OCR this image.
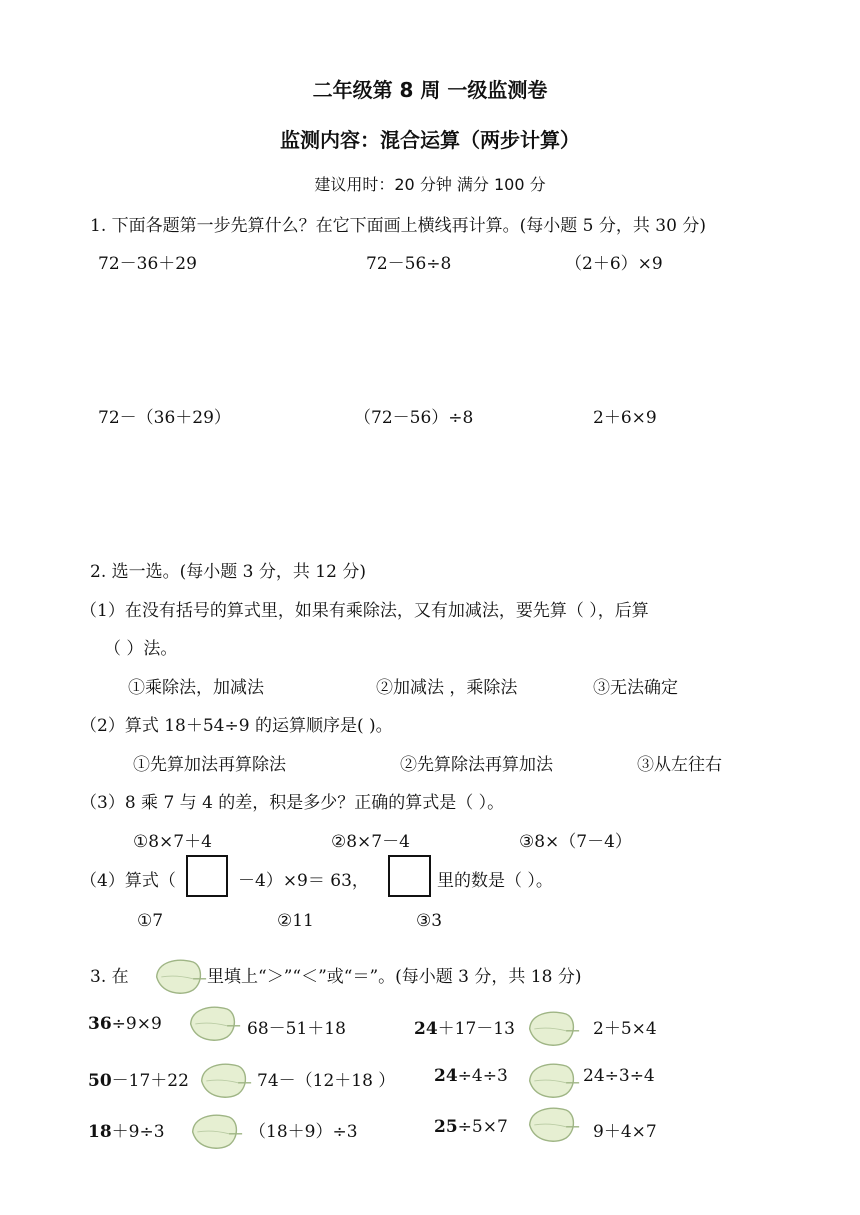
二年级第 8 周 一级监测卷
监测内容：混合运算（两步计算）
建议用时：20 分钟 满分 100 分
1. 下面各题第一步先算什么？在它下面画上横线再计算。(每小题 5 分，共 30 分)
72－36＋29	72－56÷8	（2＋6）×9
72－（36＋29）	（72－56）÷8	2＋6×9
2. 选一选。(每小题 3 分，共 12 分)
（1）在没有括号的算式里，如果有乘除法，又有加减法，要先算（ ），后算
（ ）法。
①乘除法，加减法	②加减法 ，乘除法	③无法确定
（2）算式 18＋54÷9 的运算顺序是( )。
①先算加法再算除法	②先算除法再算加法	③从左往右
（3）8 乘 7 与 4 的差，积是多少？正确的算式是（ ）。
①8×7＋4	②8×7－4	③8×（7－4）
（4）算式（	－4）×9＝ 63，	里的数是（ ）。
①7	②11	③3
3. 在	里填上“＞”“＜”或“＝”。(每小题 3 分，共 18 分)
36÷9×9	68－51＋18	24＋17－13	2＋5×4
50－17＋22	74－（12＋18 ） 24÷4÷3	24÷3÷4
18＋9÷3	（18＋9）÷3	25÷5×7	9＋4×7
